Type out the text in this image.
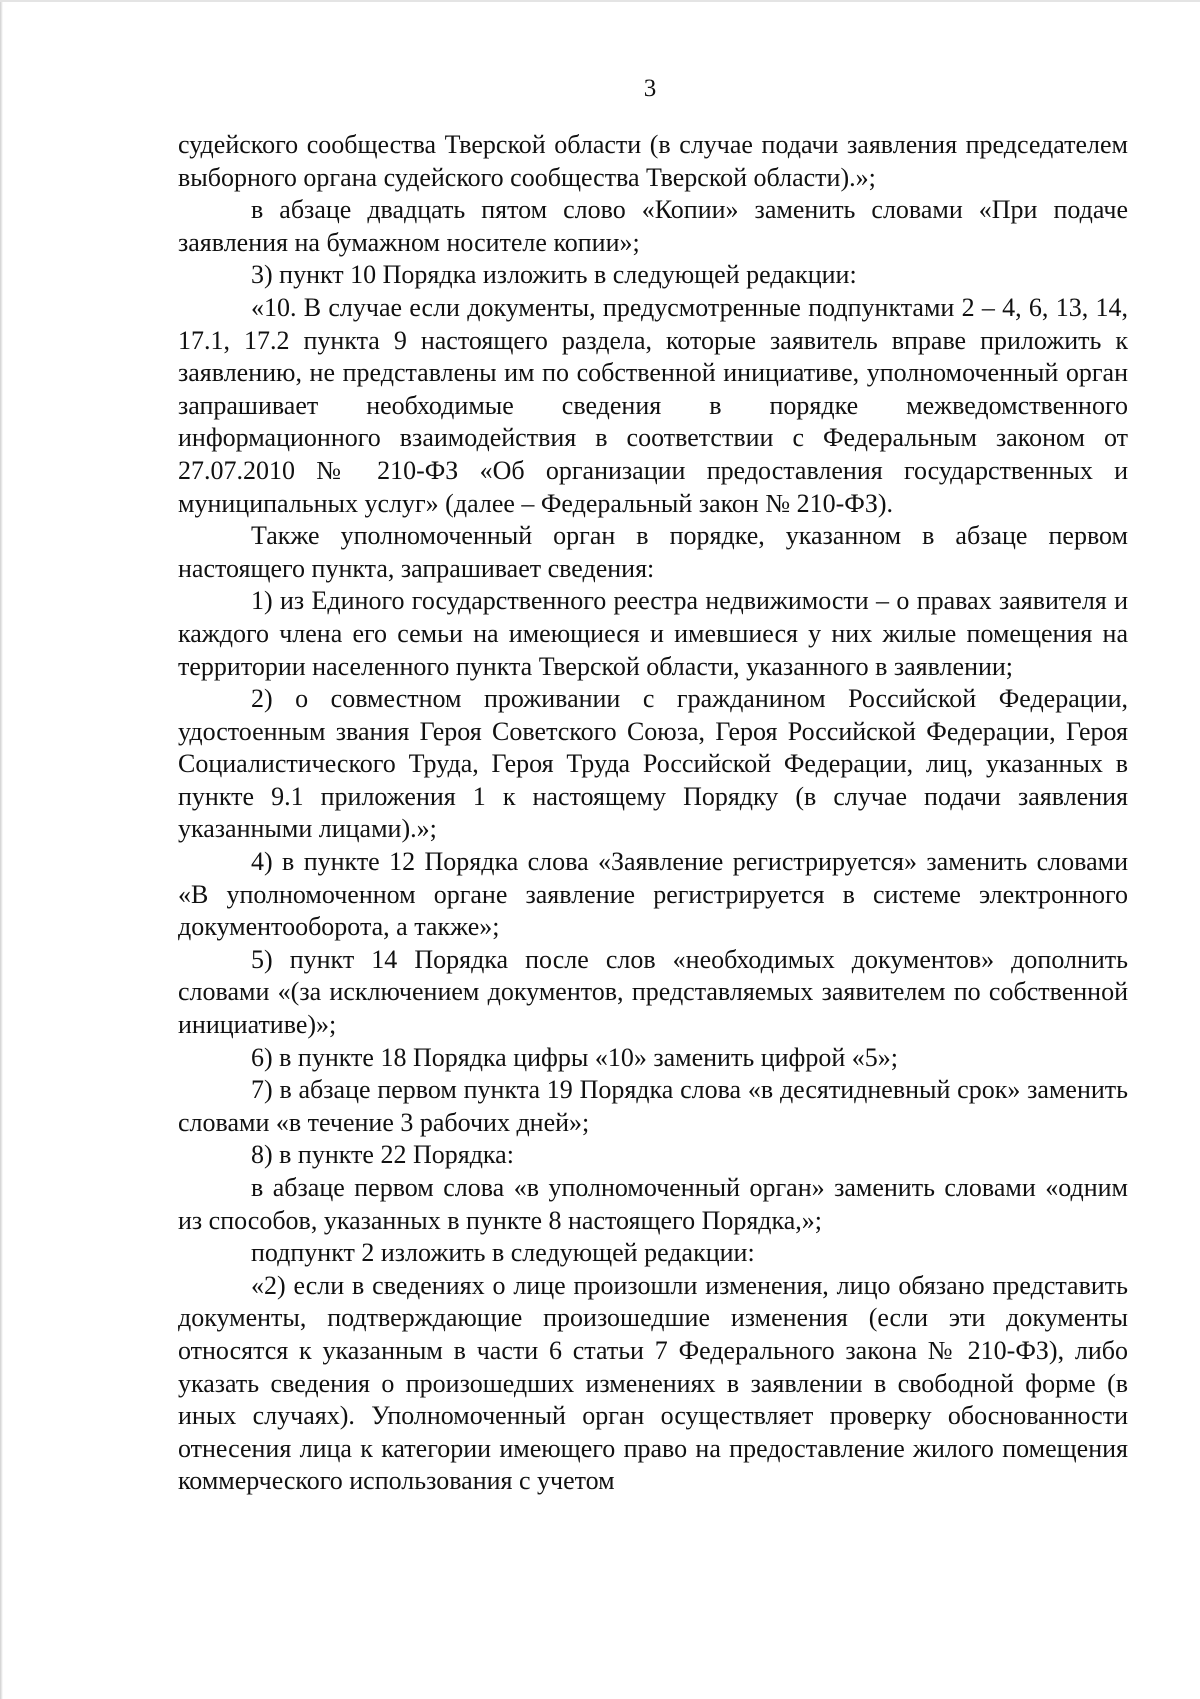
3

судейского сообщества Тверской области (в случае подачи заявления председателем выборного органа судейского сообщества Тверской области).»;

в абзаце двадцать пятом слово «Копии» заменить словами «При подаче заявления на бумажном носителе копии»;

3) пункт 10 Порядка изложить в следующей редакции:

«10. В случае если документы, предусмотренные подпунктами 2 – 4, 6, 13, 14, 17.1, 17.2 пункта 9 настоящего раздела, которые заявитель вправе приложить к заявлению, не представлены им по собственной инициативе, уполномоченный орган запрашивает необходимые сведения в порядке межведомственного информационного взаимодействия в соответствии с Федеральным законом от 27.07.2010 № 210-ФЗ «Об организации предоставления государственных и муниципальных услуг» (далее – Федеральный закон № 210-ФЗ).

Также уполномоченный орган в порядке, указанном в абзаце первом настоящего пункта, запрашивает сведения:

1) из Единого государственного реестра недвижимости – о правах заявителя и каждого члена его семьи на имеющиеся и имевшиеся у них жилые помещения на территории населенного пункта Тверской области, указанного в заявлении;

2) о совместном проживании с гражданином Российской Федерации, удостоенным звания Героя Советского Союза, Героя Российской Федерации, Героя Социалистического Труда, Героя Труда Российской Федерации, лиц, указанных в пункте 9.1 приложения 1 к настоящему Порядку (в случае подачи заявления указанными лицами).»;

4) в пункте 12 Порядка слова «Заявление регистрируется» заменить словами «В уполномоченном органе заявление регистрируется в системе электронного документооборота, а также»;

5) пункт 14 Порядка после слов «необходимых документов» дополнить словами «(за исключением документов, представляемых заявителем по собственной инициативе)»;

6) в пункте 18 Порядка цифры «10» заменить цифрой «5»;

7) в абзаце первом пункта 19 Порядка слова «в десятидневный срок» заменить словами «в течение 3 рабочих дней»;

8) в пункте 22 Порядка:

в абзаце первом слова «в уполномоченный орган» заменить словами «одним из способов, указанных в пункте 8 настоящего Порядка,»;

подпункт 2 изложить в следующей редакции:

«2) если в сведениях о лице произошли изменения, лицо обязано представить документы, подтверждающие произошедшие изменения (если эти документы относятся к указанным в части 6 статьи 7 Федерального закона № 210-ФЗ), либо указать сведения о произошедших изменениях в заявлении в свободной форме (в иных случаях). Уполномоченный орган осуществляет проверку обоснованности отнесения лица к категории имеющего право на предоставление жилого помещения коммерческого использования с учетом
